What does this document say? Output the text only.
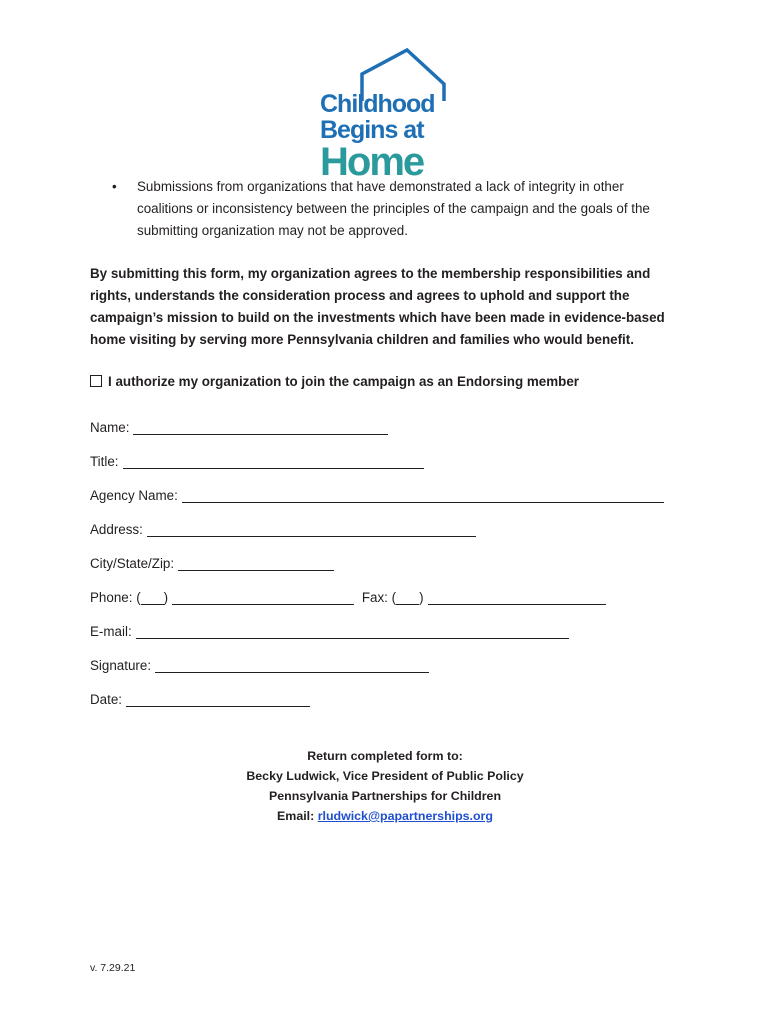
Childhood
Begins at
Home
•	Submissions from organizations that have demonstrated a lack of integrity in other
coalitions or inconsistency between the principles of the campaign and the goals of the
submitting organization may not be approved.
By submitting this form, my organization agrees to the membership responsibilities and
rights, understands the consideration process and agrees to uphold and support the
campaign’s mission to build on the investments which have been made in evidence-based
home visiting by serving more Pennsylvania children and families who would benefit.
I authorize my organization to join the campaign as an Endorsing member
Name:
Title:
Agency Name:
Address:
City/State/Zip:
Phone: ( )	Fax: ( )
E-mail:
Signature:
Date:
Return completed form to:
Becky Ludwick, Vice President of Public Policy
Pennsylvania Partnerships for Children
Email: rludwick@papartnerships.org
v. 7.29.21
